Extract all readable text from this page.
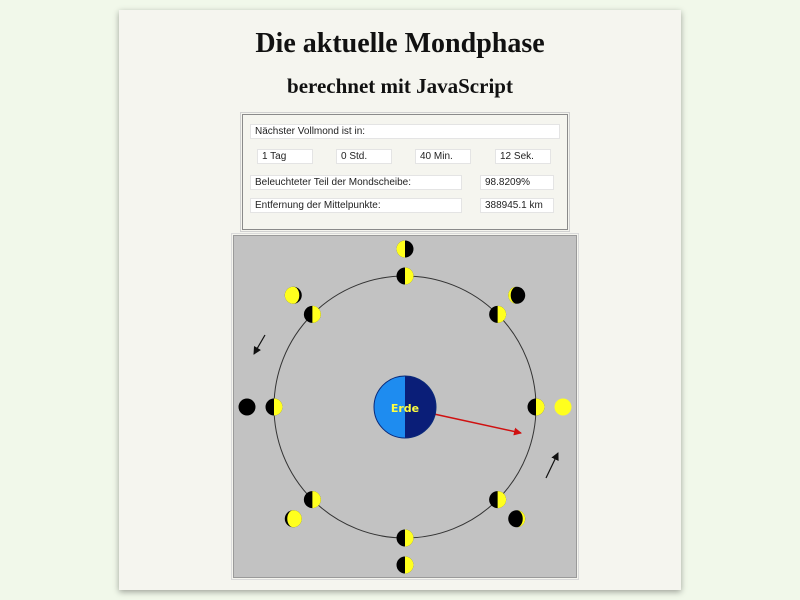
Die aktuelle Mondphase
berechnet mit JavaScript
Nächster Vollmond ist in:
1 Tag	0 Std.	40 Min.	12 Sek.
Beleuchteter Teil der Mondscheibe:	98.8209%
Entfernung der Mittelpunkte:	388945.1 km
Erde
